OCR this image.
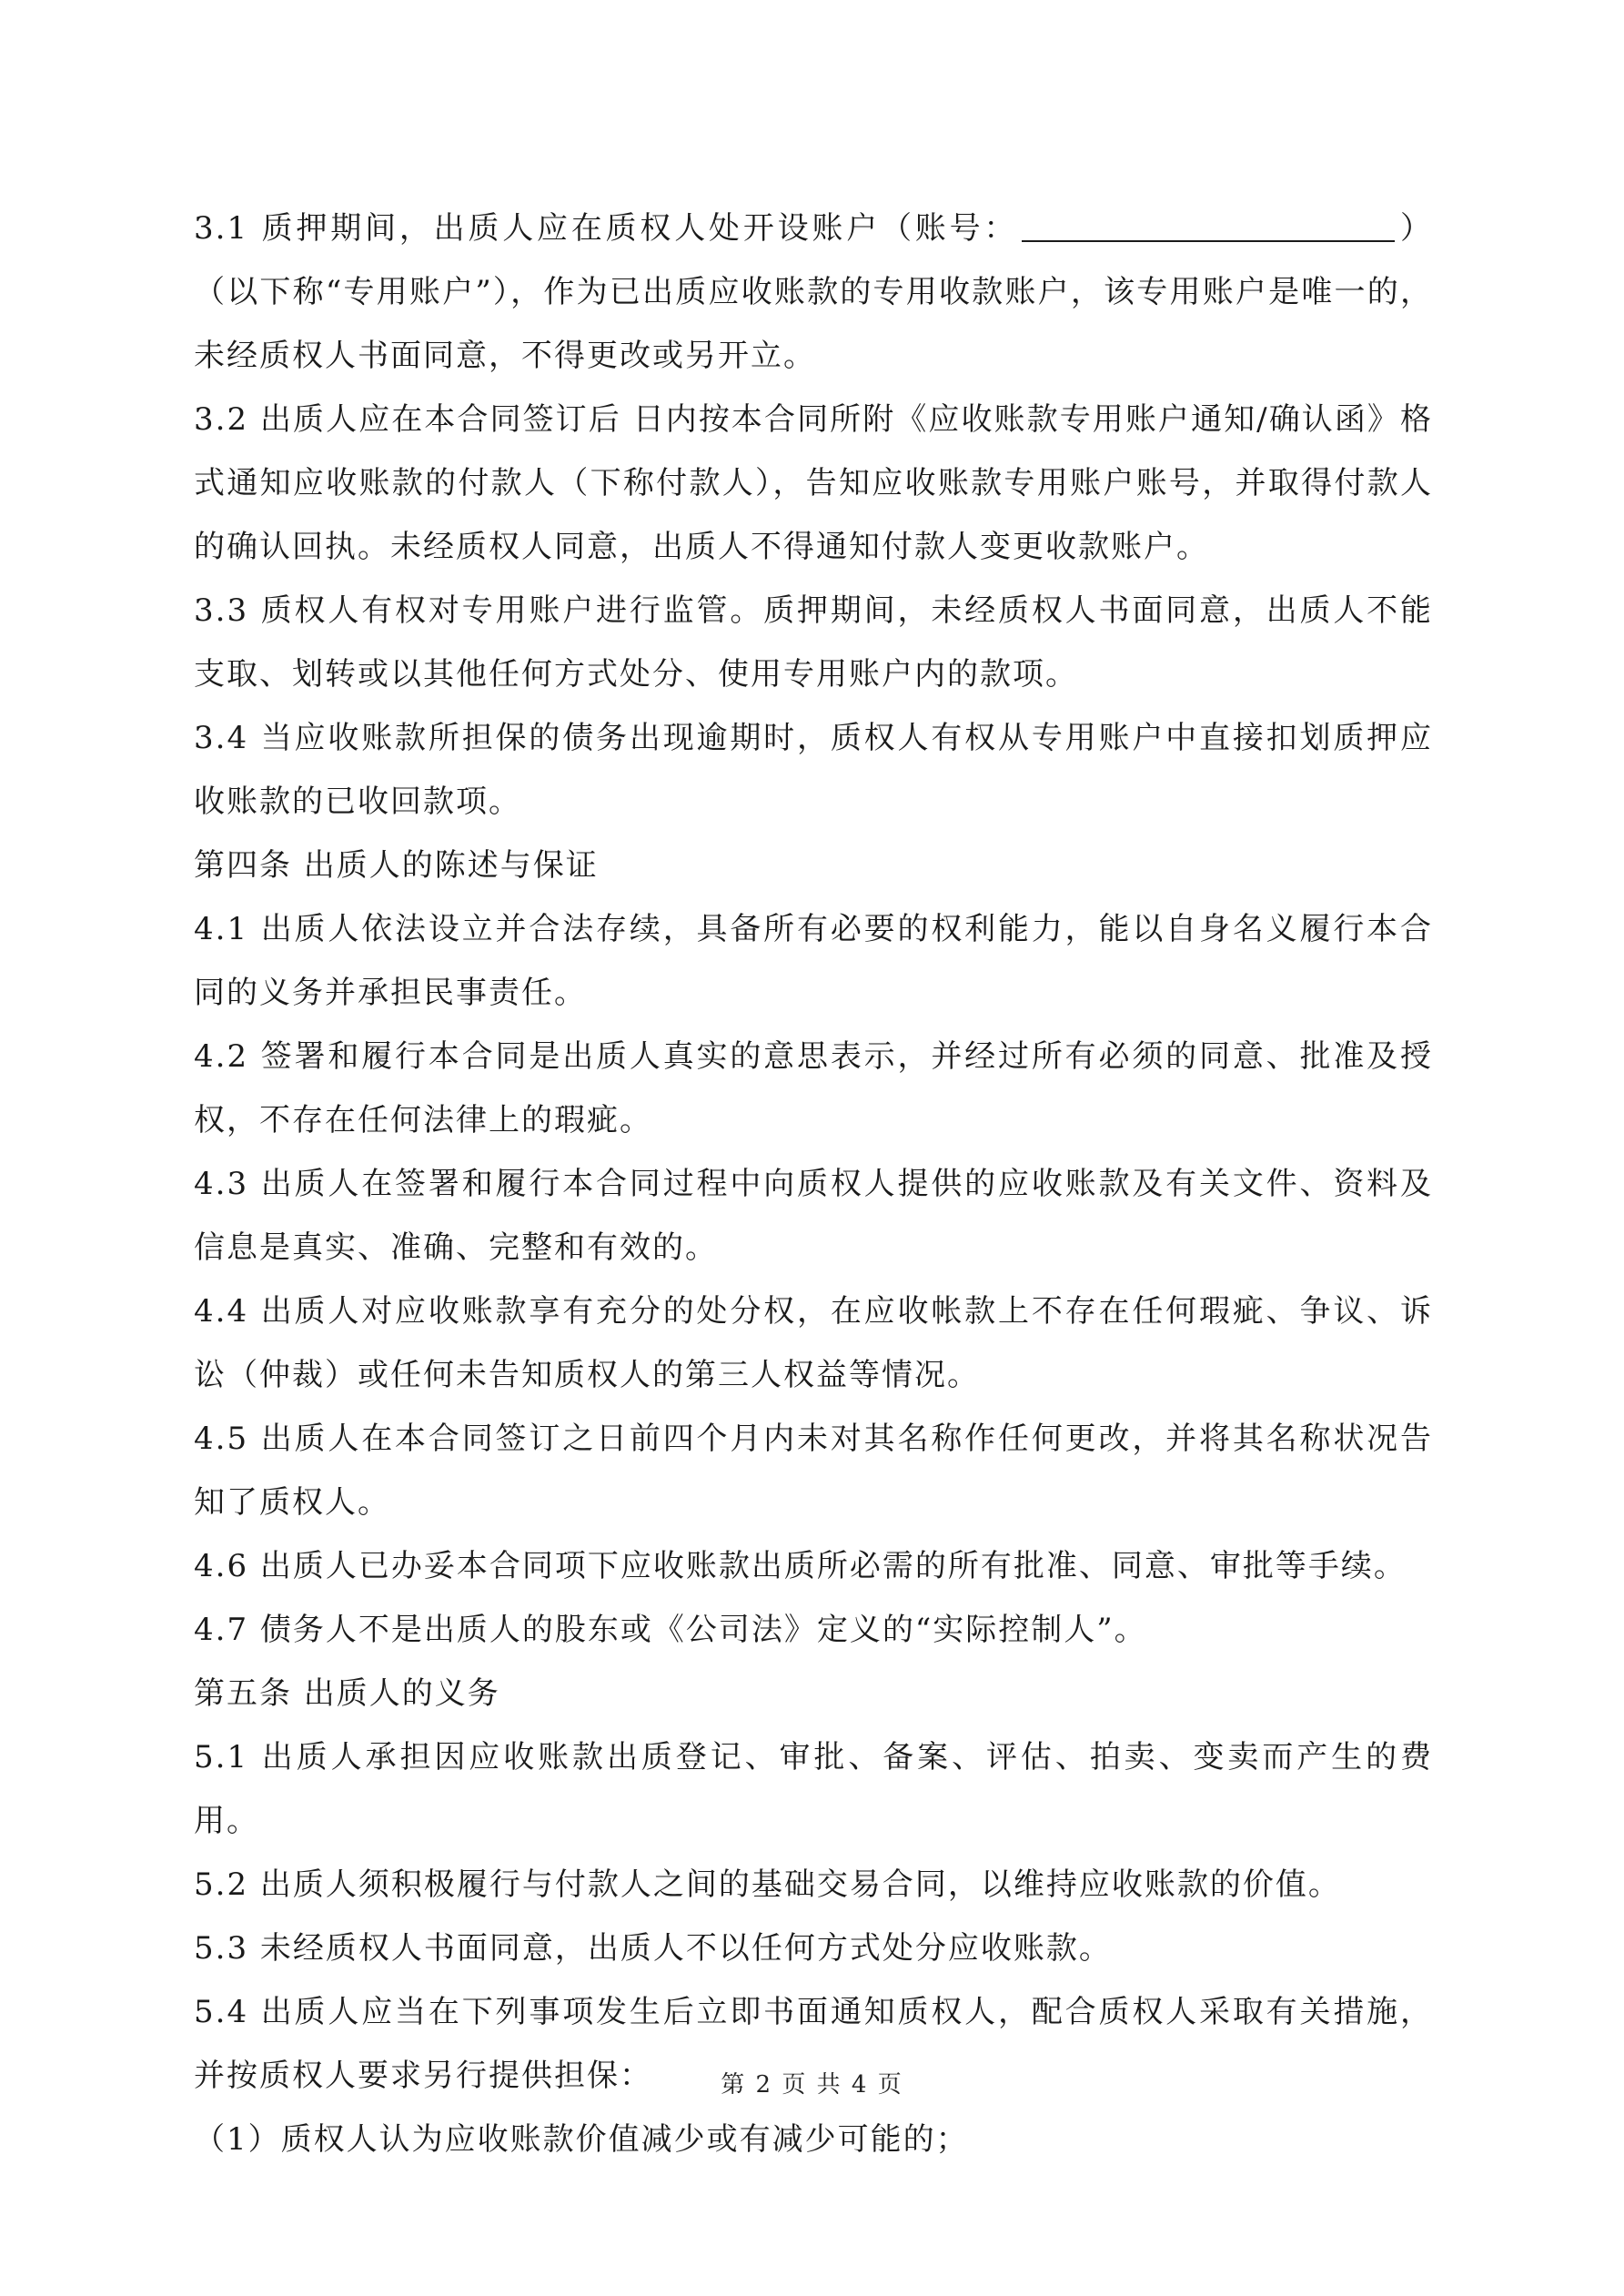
3.1 质押期间，出质人应在质权人处开设账户（账号：	）（以下称“专用账户”），作为已出质应收账款的专用收款账户，该专用账户是唯一的，未经质权人书面同意，不得更改或另开立。

3.2 出质人应在本合同签订后 日内按本合同所附《应收账款专用账户通知/确认函》格式通知应收账款的付款人（下称付款人），告知应收账款专用账户账号，并取得付款人的确认回执。未经质权人同意，出质人不得通知付款人变更收款账户。

3.3 质权人有权对专用账户进行监管。质押期间，未经质权人书面同意，出质人不能支取、划转或以其他任何方式处分、使用专用账户内的款项。

3.4 当应收账款所担保的债务出现逾期时，质权人有权从专用账户中直接扣划质押应收账款的已收回款项。

第四条 出质人的陈述与保证

4.1 出质人依法设立并合法存续，具备所有必要的权利能力，能以自身名义履行本合同的义务并承担民事责任。

4.2 签署和履行本合同是出质人真实的意思表示，并经过所有必须的同意、批准及授权，不存在任何法律上的瑕疵。

4.3 出质人在签署和履行本合同过程中向质权人提供的应收账款及有关文件、资料及信息是真实、准确、完整和有效的。

4.4 出质人对应收账款享有充分的处分权，在应收帐款上不存在任何瑕疵、争议、诉讼（仲裁）或任何未告知质权人的第三人权益等情况。

4.5 出质人在本合同签订之日前四个月内未对其名称作任何更改，并将其名称状况告知了质权人。

4.6 出质人已办妥本合同项下应收账款出质所必需的所有批准、同意、审批等手续。

4.7 债务人不是出质人的股东或《公司法》定义的“实际控制人”。

第五条 出质人的义务

5.1 出质人承担因应收账款出质登记、审批、备案、评估、拍卖、变卖而产生的费用。

5.2 出质人须积极履行与付款人之间的基础交易合同，以维持应收账款的价值。

5.3 未经质权人书面同意，出质人不以任何方式处分应收账款。

5.4 出质人应当在下列事项发生后立即书面通知质权人，配合质权人采取有关措施，并按质权人要求另行提供担保：

（1）质权人认为应收账款价值减少或有减少可能的；

第 2 页 共 4 页
